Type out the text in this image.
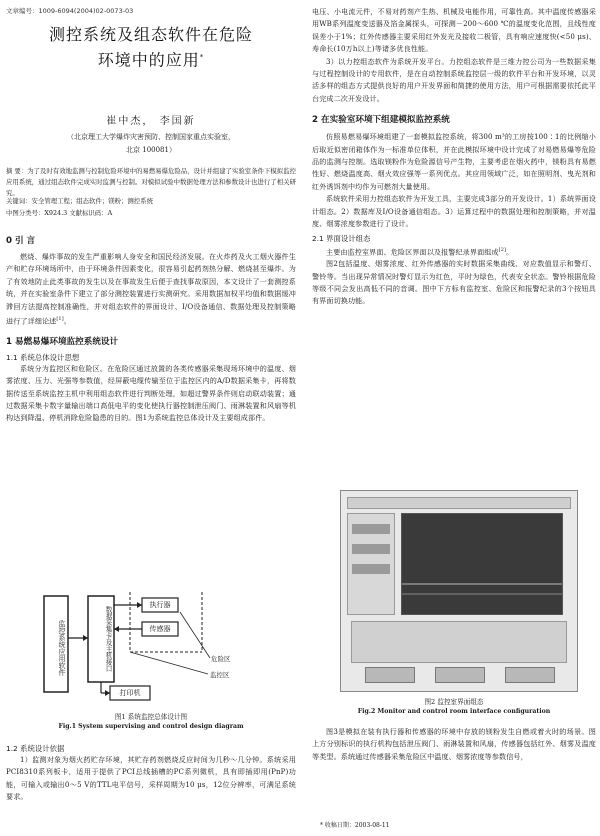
文章编号：1009-6094(2004)02-0073-03
测控系统及组态软件在危险
环境中的应用*
崔中杰， 李国新
（北京理工大学爆炸灾害预防、控制国家重点实验室，
北京 100081）
摘 要：为了及时有效地监测与控制危险环境中的易燃易爆危险品，设计并组建了实验室条件下模拟监控应用系统，通过组态软件完成实时监测与控制。对模拟试验中数据处理方法和参数设计也进行了相关研究。
关键词：安全管理工程；组态软件；镁粉；测控系统
中图分类号：X924.3 文献标识码：A

0 引 言

燃烧、爆炸事故的发生严重影响人身安全和国民经济发展。在火炸药及火工烟火器件生产和贮存环境场所中，由于环境条件因素变化，很容易引起药剂热分解、燃烧甚至爆炸。为了有效地防止此类事故的发生以及在事故发生后便于查找事故原因，本文设计了一套测控系统，并在实验室条件下建立了部分测控装置进行实测研究。采用数据加权平均值和数据缓冲滞回方法提高控制准确性，并对组态软件的界面设计、I/O设备通信、数据处理及控制策略进行了详细论述[1]。

1 易燃易爆环境监控系统设计

1.1 系统总体设计思想

系统分为监控区和危险区。在危险区通过放置的各类传感器采集现场环境中的温度、烟雾浓度、压力、光强等参数值，经屏蔽电缆传输至位于监控区内的A/D数据采集卡，再将数据传送至系统监控主机中利用组态软件进行判断处理，如超过警界条件则启动联动装置；通过数据采集卡数字量输出端口高低电平的变化使执行器控制泄压阀门、雨淋装置和风扇等机构达到降温、停机消除危险隐患的目的。图1为系统监控总体设计及主要组成部件。

监控系统应用软件	数据采集卡及主机接口
执行器
传感器
打印机
危险区
监控区
图1 系统监控总体设计图
Fig.1 System supervising and control design diagram

1.2 系统设计依据

1）监测对象为烟火药贮存环境，其贮存药剂燃烧反应时间为几秒～几分钟。系统采用PCI8310系列板卡，适用于提供了PCI总线插槽的PC系列微机，具有即插即用(PnP)功能，可输入或输出0～5 V的TTL电平信号，采样周期为10 μs，12位分辨率，可满足系统要求。

电压、小电流元件，不易对药剂产生热、机械及电能作用，可靠性高。其中温度传感器采用WB系列温度变送器及箔金属探头，可探测－200～600 ℃的温度变化范围，且线性度误差小于1%；红外传感器主要采用红外发光及接收二极管，具有响应速度快(<50 μs)、寿命长(10万h以上)等诸多优良性能。

3）以力控组态软件为系统开发平台。力控组态软件是三维力控公司为一些数据采集与过程控制设计的专用软件，是在自动控制系统监控层一级的软件平台和开发环境，以灵活多样的组态方式提供良好的用户开发界面和简捷的使用方法，用户可根据需要依托此平台完成二次开发设计。

2 在实验室环境下组建模拟监控系统

仿照易燃易爆环境组建了一套模拟监控系统，将300 m³的工房按100∶1的比例缩小后取近似密闭箱体作为一标准单位体积，并在此模拟环境中设计完成了对易燃易爆等危险品的监测与控制。选取镁粉作为危险源信号产生物，主要考虑在烟火药中，镁粉具有易燃性好、燃烧温度高、烟火效应强等一系列优点。其应用领域广泛，如在照明剂、曳光剂和红外诱饵剂中均作为可燃剂大量使用。

系统软件采用力控组态软件为开发工具，主要完成3部分的开发设计。1）系统界面设计组态。2）数据库及I/O设备通信组态。3）运算过程中的数据处理和控制策略，并对温度、烟雾浓度参数进行了设计。

2.1 界面设计组态

主要由监控室界面、危险区界面以及报警纪录界面组成[2]。

图2包括温度、烟雾浓度、红外传感器的实时数据采集曲线、对应数值显示和警灯、警铃等。当出现异常情况时警灯显示为红色，平时为绿色，代表安全状态。警铃根据危险等级不同会发出高低不同的音调。图中下方标有监控室、危险区和报警纪录的3个按钮具有界面切换功能。

图2 监控室界面组态
Fig.2 Monitor and control room interface configuration

图3是模拟在装有执行器和传感器的环境中存放的镁粉发生自燃或着火时的场景。图上方分别标识的执行机构包括泄压阀门、雨淋装置和风扇，传感器包括红外、烟雾及温度等类型。系统通过传感器采集危险区中温度、烟雾浓度等参数信号，

* 收稿日期：2003-08-11
